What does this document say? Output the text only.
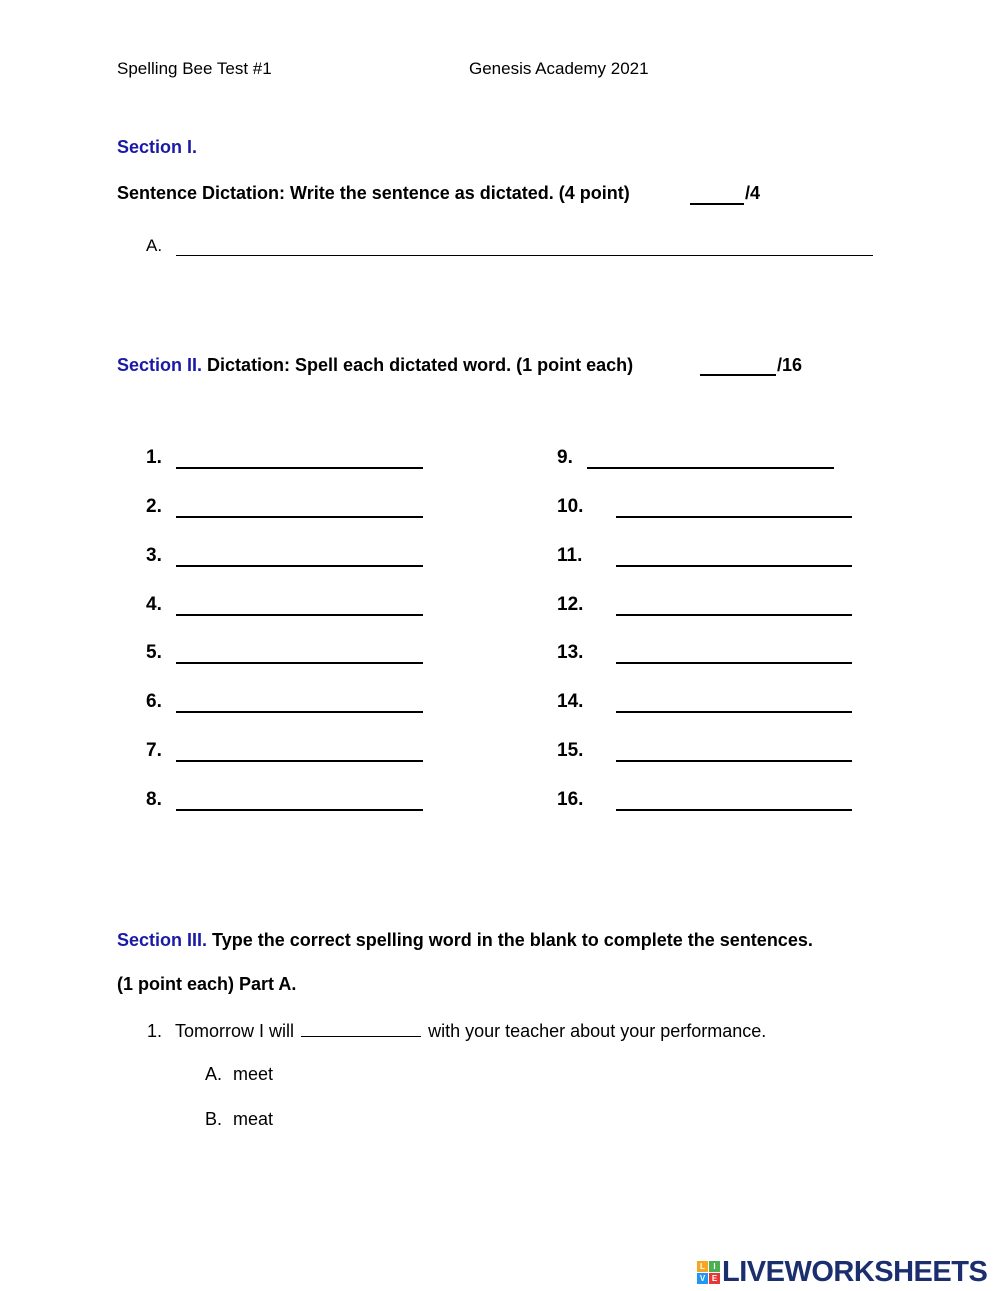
Spelling Bee Test #1	Genesis Academy 2021
Section I.
Sentence Dictation: Write the sentence as dictated. (4 point)	/4
A.
Section II. Dictation: Spell each dictated word. (1 point each)	/16
1.
2.
3.
4.
5.
6.
7.
8.
9.
10.
11.
12.
13.
14.
15.
16.
Section III. Type the correct spelling word in the blank to complete the sentences.
(1 point each) Part A.
1. Tomorrow I will	with your teacher about your performance.
A. meet
B. meat
L	I
V E LIVEWORKSHEETS
